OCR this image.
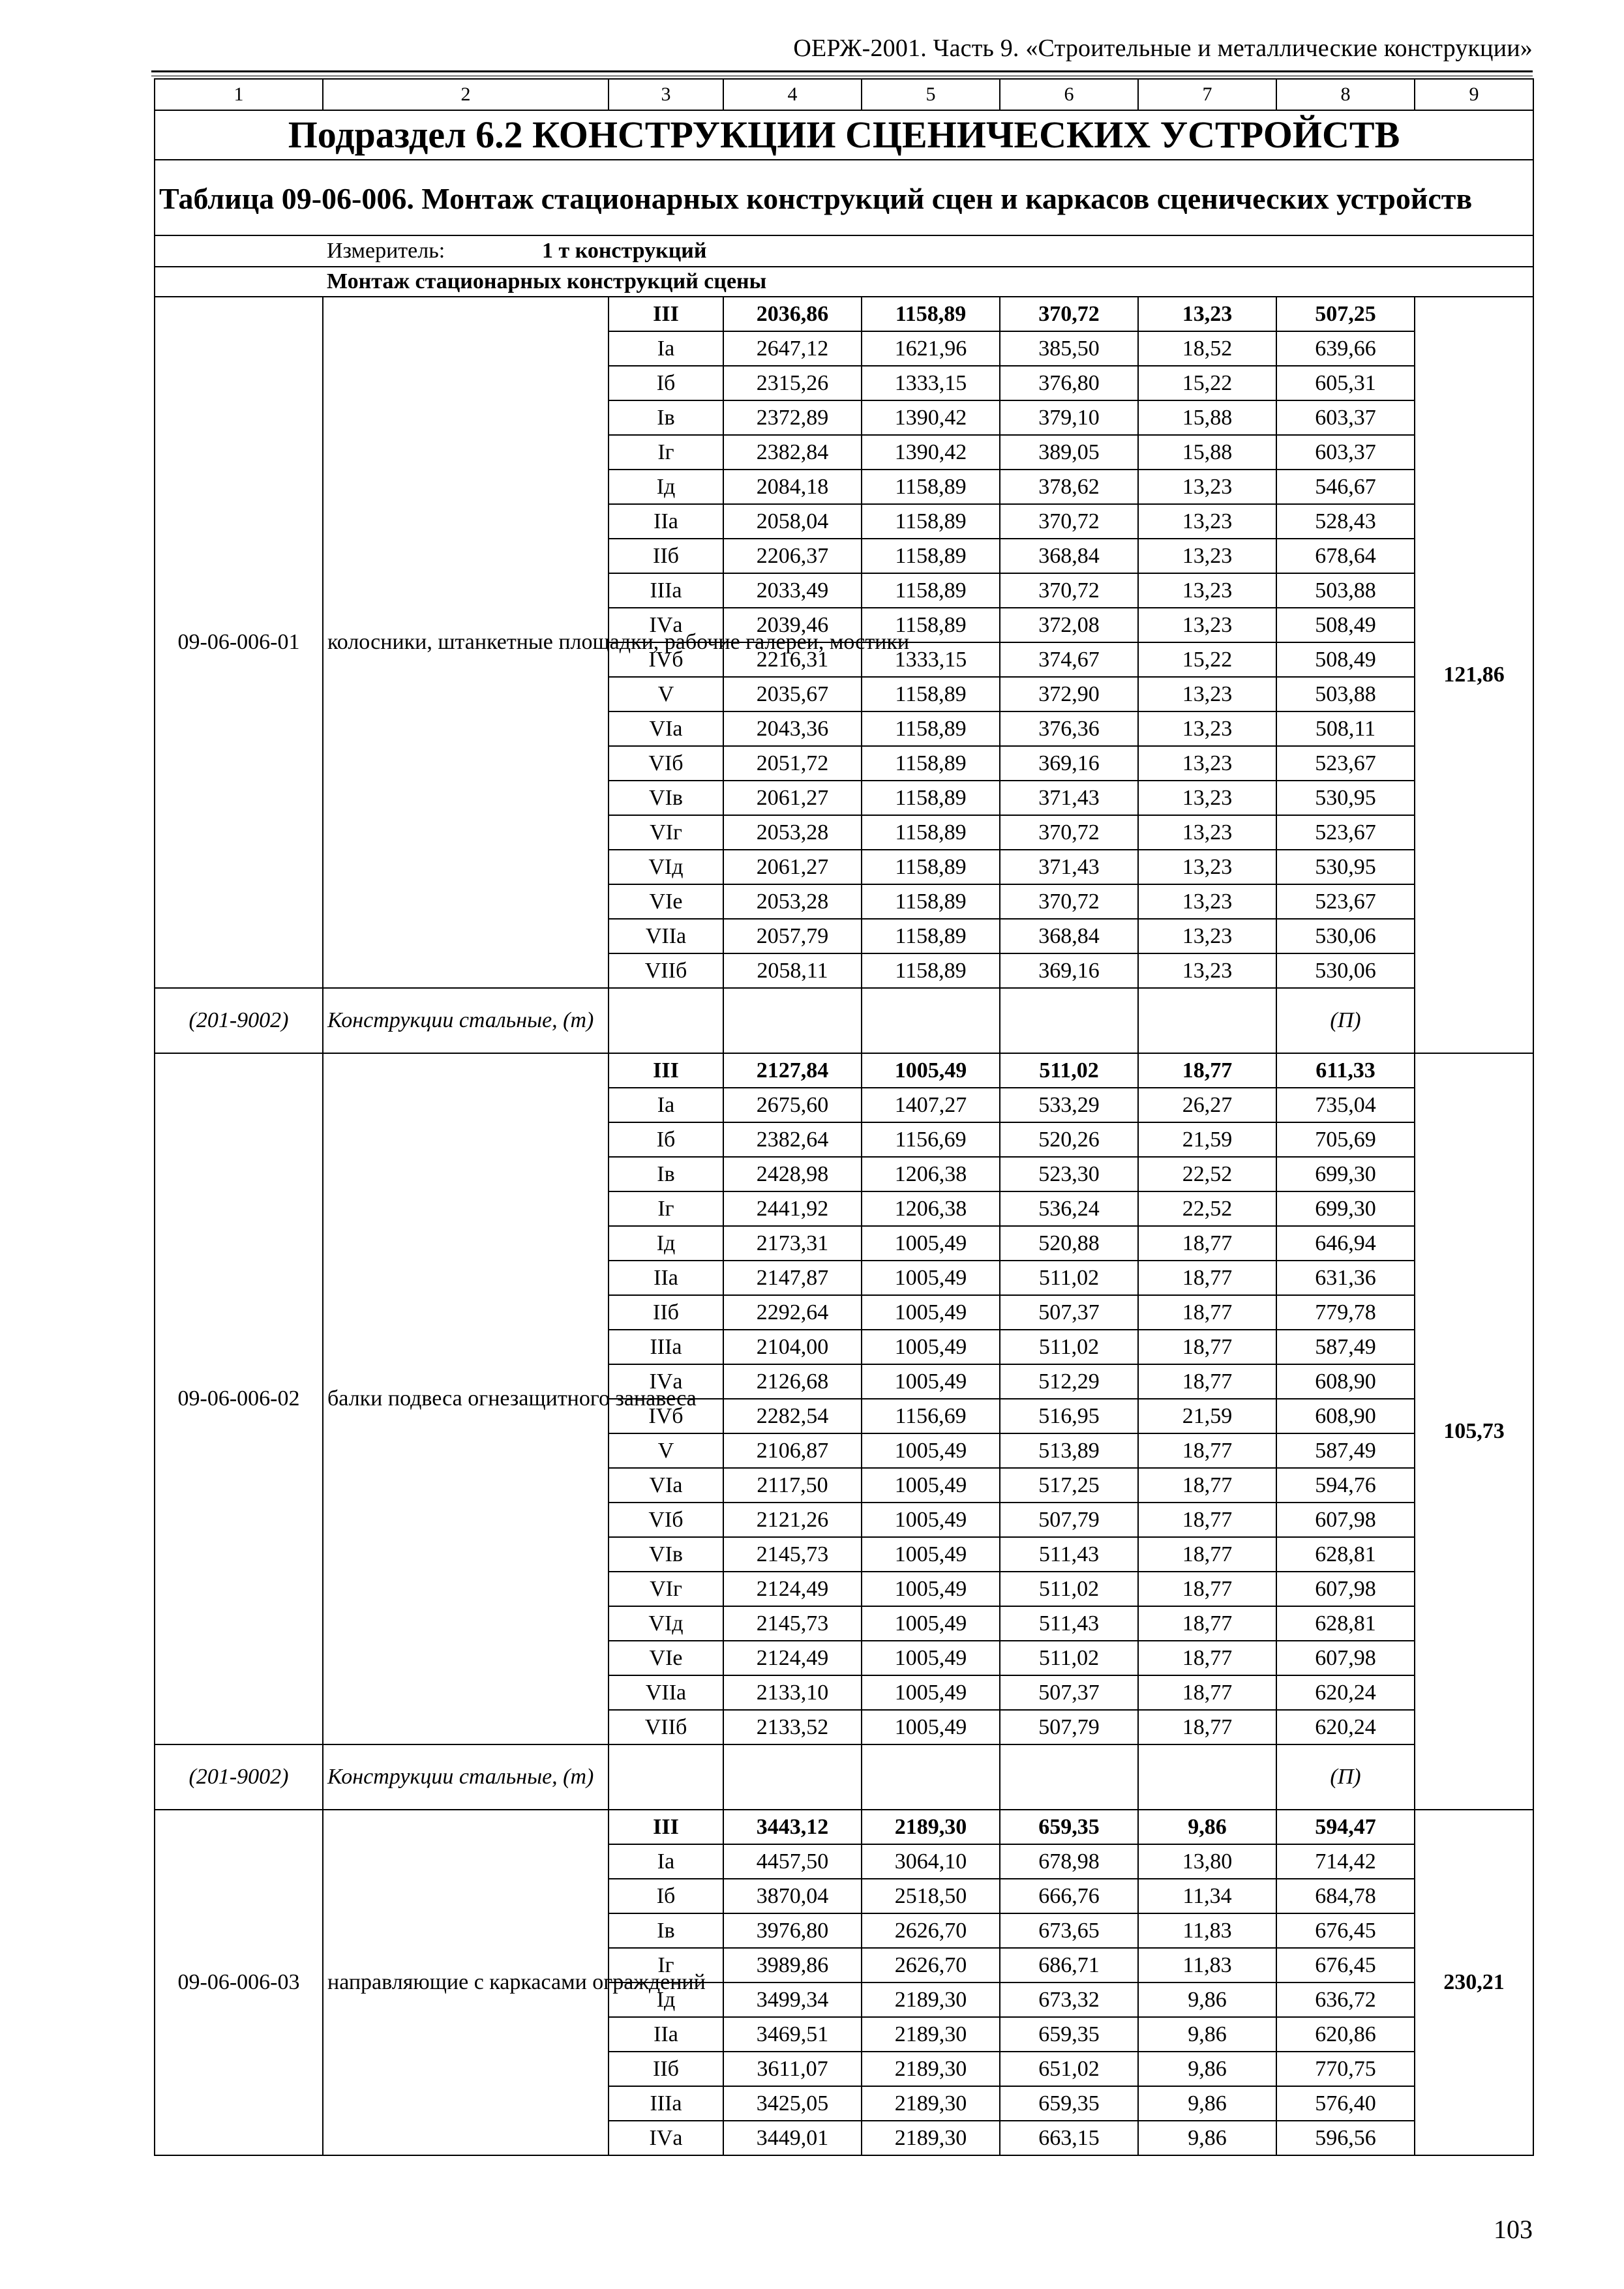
ОЕРЖ-2001. Часть 9. «Строительные и металлические конструкции»
1	2	3	4	5	6	7	8	9
Подраздел 6.2 КОНСТРУКЦИИ СЦЕНИЧЕСКИХ УСТРОЙСТВ								
Таблица 09-06-006. Монтаж стационарных конструкций сцен и каркасов сценических устройств								
	Измеритель: 1 т конструкций							
	Монтаж стационарных конструкций сцены							
09-06-006-01	колосники, штанкетные площадки, рабочие галереи, мостики	III	2036,86	1158,89	370,72	13,23	507,25	121,86
		Iа	2647,12	1621,96	385,50	18,52	639,66	
		Iб	2315,26	1333,15	376,80	15,22	605,31	
		Iв	2372,89	1390,42	379,10	15,88	603,37	
		Iг	2382,84	1390,42	389,05	15,88	603,37	
		Iд	2084,18	1158,89	378,62	13,23	546,67	
		IIа	2058,04	1158,89	370,72	13,23	528,43	
		IIб	2206,37	1158,89	368,84	13,23	678,64	
		IIIа	2033,49	1158,89	370,72	13,23	503,88	
		IVа	2039,46	1158,89	372,08	13,23	508,49	
		IVб	2216,31	1333,15	374,67	15,22	508,49	
		V	2035,67	1158,89	372,90	13,23	503,88	
		VIа	2043,36	1158,89	376,36	13,23	508,11	
		VIб	2051,72	1158,89	369,16	13,23	523,67	
		VIв	2061,27	1158,89	371,43	13,23	530,95	
		VIг	2053,28	1158,89	370,72	13,23	523,67	
		VIд	2061,27	1158,89	371,43	13,23	530,95	
		VIе	2053,28	1158,89	370,72	13,23	523,67	
		VIIа	2057,79	1158,89	368,84	13,23	530,06	
		VIIб	2058,11	1158,89	369,16	13,23	530,06	
(201-9002)	Конструкции стальные, (т)						(П)	
09-06-006-02	балки подвеса огнезащитного занавеса	III	2127,84	1005,49	511,02	18,77	611,33	105,73
		Iа	2675,60	1407,27	533,29	26,27	735,04	
		Iб	2382,64	1156,69	520,26	21,59	705,69	
		Iв	2428,98	1206,38	523,30	22,52	699,30	
		Iг	2441,92	1206,38	536,24	22,52	699,30	
		Iд	2173,31	1005,49	520,88	18,77	646,94	
		IIа	2147,87	1005,49	511,02	18,77	631,36	
		IIб	2292,64	1005,49	507,37	18,77	779,78	
		IIIа	2104,00	1005,49	511,02	18,77	587,49	
		IVа	2126,68	1005,49	512,29	18,77	608,90	
		IVб	2282,54	1156,69	516,95	21,59	608,90	
		V	2106,87	1005,49	513,89	18,77	587,49	
		VIа	2117,50	1005,49	517,25	18,77	594,76	
		VIб	2121,26	1005,49	507,79	18,77	607,98	
		VIв	2145,73	1005,49	511,43	18,77	628,81	
		VIг	2124,49	1005,49	511,02	18,77	607,98	
		VIд	2145,73	1005,49	511,43	18,77	628,81	
		VIе	2124,49	1005,49	511,02	18,77	607,98	
		VIIа	2133,10	1005,49	507,37	18,77	620,24	
		VIIб	2133,52	1005,49	507,79	18,77	620,24	
(201-9002)	Конструкции стальные, (т)						(П)	
09-06-006-03	направляющие с каркасами ограждений	III	3443,12	2189,30	659,35	9,86	594,47	230,21
		Iа	4457,50	3064,10	678,98	13,80	714,42	
		Iб	3870,04	2518,50	666,76	11,34	684,78	
		Iв	3976,80	2626,70	673,65	11,83	676,45	
		Iг	3989,86	2626,70	686,71	11,83	676,45	
		Iд	3499,34	2189,30	673,32	9,86	636,72	
		IIа	3469,51	2189,30	659,35	9,86	620,86	
		IIб	3611,07	2189,30	651,02	9,86	770,75	
		IIIа	3425,05	2189,30	659,35	9,86	576,40	
		IVа	3449,01	2189,30	663,15	9,86	596,56	
103
